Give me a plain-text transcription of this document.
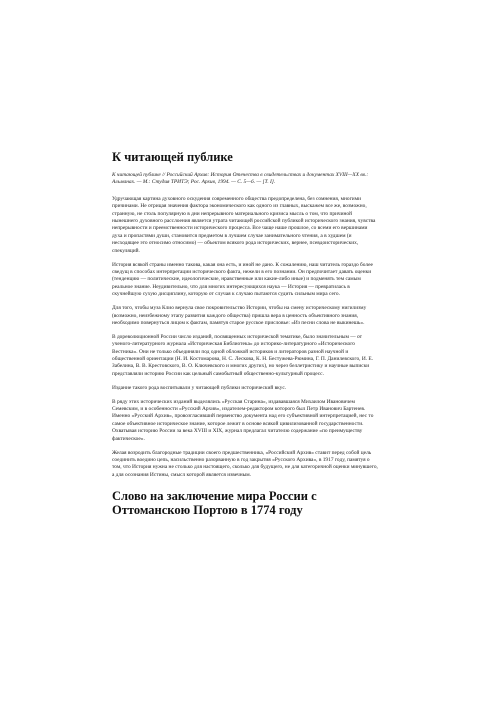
К читающей публике
К читающей публике // Российский Архив: История Отечества в свидетельствах и документах XVIII—XX вв.: Альманах. — М.: Студия ТРИТЭ; Рос. Архив, 1994. — С. 5—6. — [Т. I].
Удручающая картина духовного оскудения современного общества предопределена, без сомнения, многими причинами. Не отрицая значения фактора экономического как одного из главных, выскажем все же, возможно, странную, не столь популярную в дни непрерывного материального кризиса мысль о том, что причиной нынешнего духовного расслоения является утрата читающей российской публикой исторического знания, чувства непрерывности и преемственности исторического процесса. Все чаще наше прошлое, со всеми его вершинами духа и пропастями души, становится предметом в лучшем случае занимательного чтения, а в худшем (и несходящее это относимо относимо) — объектом всякого рода исторических, вернее, псевдоисторических, спекуляций.
История всякой страны именно такова, какая она есть, и иной не дано. К сожалению, наш читатель гораздо более сведущ в способах интерпретации исторического факта, нежели в его познании. Он предпочитает давать оценки (тенденцию — политические, идеологические, нравственные или какие-либо иные) и подменять тем самым реальное знание. Неудивительно, что для многих интересующихся наука — История — превратилась в скучнейшую сухую дисциплину, которую от случая к случаю пытаются судить сильным мира сего.
Для того, чтобы муза Клио вернула свое покровительство Истории, чтобы на смену историческому нигилизму (возможно, неизбежному этапу развития каждого общества) пришла вера в ценность объективного знания, необходимо повернуться лицом к фактам, памятуя старое русское присловье: «Из песни слова не выкинешь».
В дореволюционной России число изданий, посвященных исторической тематике, было значительным — от ученого-литературного журнала «Историческая Библиотека» до историко-литературного «Исторического Вестника». Они не только объединяли под одной обложкой историков и литераторов разной научной и общественной ориентации (Н. И. Костомарова, Н. С. Лескова, К. Н. Бестужева-Рюмина, Г. П. Данилевского, И. Е. Забелина, В. В. Крестовского, В. О. Ключевского и многих других), но через беллетристику и научные выписки представляли историю России как цельный самобытный общественно-культурный процесс.
Издание такого рода воспитывали у читающей публики исторический вкус.
В ряду этих исторических изданий выделялись «Русская Старина», издававшаяся Михаилом Ивановичем Семевским, и в особенности «Русский Архив», издателем-редактором которого был Петр Иванович Бартенев. Именно «Русский Архив», провозгласивший первенство документа над его субъективной интерпретацией, нес то самое объективное историческое знание, которое лежит в основе всякой цивилизованной государственности. Охватывая историю России за века XVIII и XIX, журнал предлагал читателю содержание «по преимуществу фактическое».
Желая возродить благородные традиции своего предшественника, «Российский Архив» ставит перед собой цель соединить воедино цепь, насильственно разорванную в год закрытия «Русского Архива», в 1917 году, памятуя о том, что История нужна не столько для настоящего, сколько для будущего, не для категоричной оценки минувшего, а для осознания Истины, смысл которой является извечным.
Слово на заключение мира России с Оттоманскою Портою в 1774 году
